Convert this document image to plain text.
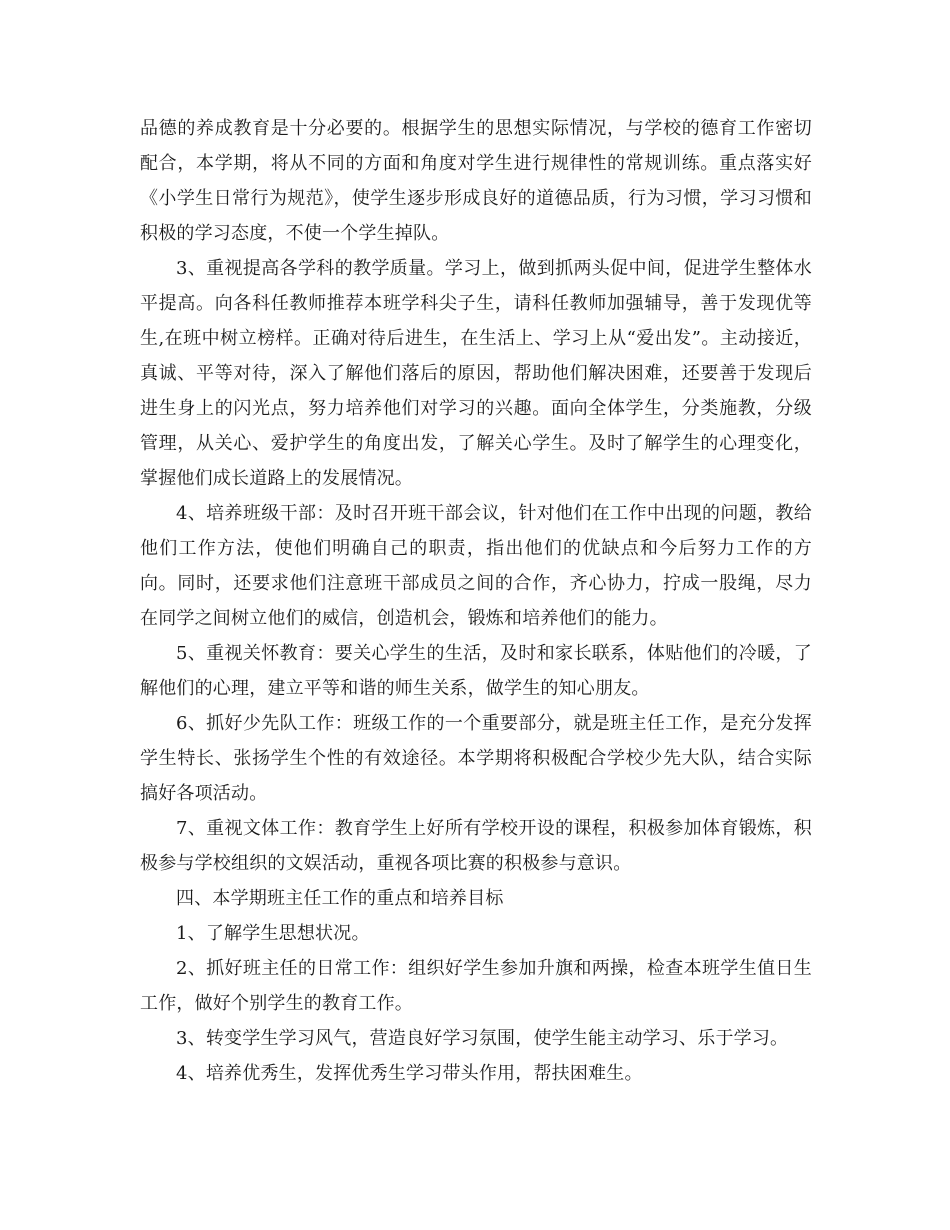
品德的养成教育是十分必要的。根据学生的思想实际情况，与学校的德育工作密切配合，本学期，将从不同的方面和角度对学生进行规律性的常规训练。重点落实好《小学生日常行为规范》，使学生逐步形成良好的道德品质，行为习惯，学习习惯和积极的学习态度，不使一个学生掉队。

3、重视提高各学科的教学质量。学习上，做到抓两头促中间，促进学生整体水平提高。向各科任教师推荐本班学科尖子生，请科任教师加强辅导，善于发现优等生,在班中树立榜样。正确对待后进生，在生活上、学习上从“爱出发”。主动接近，真诚、平等对待，深入了解他们落后的原因，帮助他们解决困难，还要善于发现后进生身上的闪光点，努力培养他们对学习的兴趣。面向全体学生，分类施教，分级管理，从关心、爱护学生的角度出发，了解关心学生。及时了解学生的心理变化，掌握他们成长道路上的发展情况。

4、培养班级干部：及时召开班干部会议，针对他们在工作中出现的问题，教给他们工作方法，使他们明确自己的职责，指出他们的优缺点和今后努力工作的方向。同时，还要求他们注意班干部成员之间的合作，齐心协力，拧成一股绳，尽力在同学之间树立他们的威信，创造机会，锻炼和培养他们的能力。

5、重视关怀教育：要关心学生的生活，及时和家长联系，体贴他们的冷暖，了解他们的心理，建立平等和谐的师生关系，做学生的知心朋友。

6、抓好少先队工作：班级工作的一个重要部分，就是班主任工作，是充分发挥学生特长、张扬学生个性的有效途径。本学期将积极配合学校少先大队，结合实际搞好各项活动。

7、重视文体工作：教育学生上好所有学校开设的课程，积极参加体育锻炼，积极参与学校组织的文娱活动，重视各项比赛的积极参与意识。

四、本学期班主任工作的重点和培养目标

1、了解学生思想状况。

2、抓好班主任的日常工作：组织好学生参加升旗和两操，检查本班学生值日生工作，做好个别学生的教育工作。

3、转变学生学习风气，营造良好学习氛围，使学生能主动学习、乐于学习。

4、培养优秀生，发挥优秀生学习带头作用，帮扶困难生。
